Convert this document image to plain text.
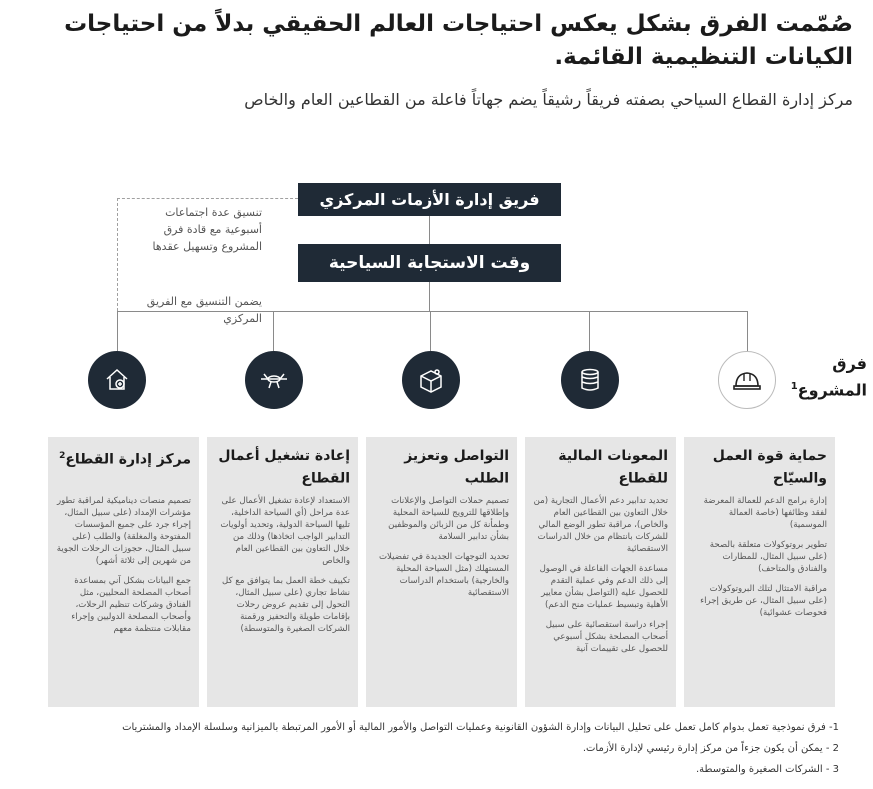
صُمّمت الفرق بشكل يعكس احتياجات العالم الحقيقي بدلاً من احتياجات الكيانات التنظيمية القائمة.
مركز إدارة القطاع السياحي بصفته فريقاً رشيقاً يضم جهاتاً فاعلة من القطاعين العام والخاص
فريق إدارة الأزمات المركزي
وقت الاستجابة السياحية
تنسيق عدة اجتماعات أسبوعية مع قادة فرق المشروع وتسهيل عقدها
يضمن التنسيق مع الفريق المركزي
فرق المشروع$^1$
حماية قوة العمل والسيّاح

إدارة برامج الدعم للعمالة المعرضة لفقد وظائفها (خاصة العمالة الموسمية)

تطوير بروتوكولات متعلقة بالصحة (على سبيل المثال، للمطارات والفنادق والمتاحف)

مراقبة الامتثال لتلك البروتوكولات (على سبيل المثال، عن طريق إجراء فحوصات عشوائية)

المعونات المالية للقطاع

تحديد تدابير دعم الأعمال التجارية (من خلال التعاون بين القطاعين العام والخاص)، مراقبة تطور الوضع المالي للشركات بانتظام من خلال الدراسات الاستقصائية

مساعدة الجهات الفاعلة في الوصول إلى ذلك الدعم وفي عملية التقدم للحصول عليه (التواصل بشأن معايير الأهلية وتبسيط عمليات منح الدعم)

إجراء دراسة استقصائية على سبيل أصحاب المصلحة بشكل أسبوعي للحصول على تقييمات آنية

التواصل وتعزيز الطلب

تصميم حملات التواصل والإعلانات وإطلاقها للترويج للسياحة المحلية وطمأنة كل من الزبائن والموظفين بشأن تدابير السلامة

تحديد التوجهات الجديدة في تفضيلات المستهلك (مثل السياحة المحلية والخارجية) باستخدام الدراسات الاستقصائية

إعادة تشغيل أعمال القطاع

الاستعداد لإعادة تشغيل الأعمال على عدة مراحل (أي السياحة الداخلية، تليها السياحة الدولية، وتحديد أولويات التدابير الواجب اتخاذها) وذلك من خلال التعاون بين القطاعين العام والخاص

تكييف خطة العمل بما يتوافق مع كل نشاط تجاري (على سبيل المثال، التحول إلى تقديم عروض رحلات بإقامات طويلة والتحفيز ورقمنة الشركات الصغيرة والمتوسطة)

مركز إدارة القطاع$^2$

تصميم منصات ديناميكية لمراقبة تطور مؤشرات الإمداد (على سبيل المثال، إجراء جرد على جميع المؤسسات المفتوحة والمغلقة) والطلب (على سبيل المثال، حجوزات الرحلات الجوية من شهرين إلى ثلاثة أشهر)

جمع البيانات بشكل آني بمساعدة أصحاب المصلحة المحليين، مثل الفنادق وشركات تنظيم الرحلات، وأصحاب المصلحة الدوليين وإجراء مقابلات منتظمة معهم

1- فرق نموذجية تعمل بدوام كامل تعمل على تحليل البيانات وإدارة الشؤون القانونية وعمليات التواصل والأمور المالية أو الأمور المرتبطة بالميزانية وسلسلة الإمداد والمشتريات
2 - يمكن أن يكون جزءاً من مركز إدارة رئيسي لإدارة الأزمات.
3 - الشركات الصغيرة والمتوسطة.
